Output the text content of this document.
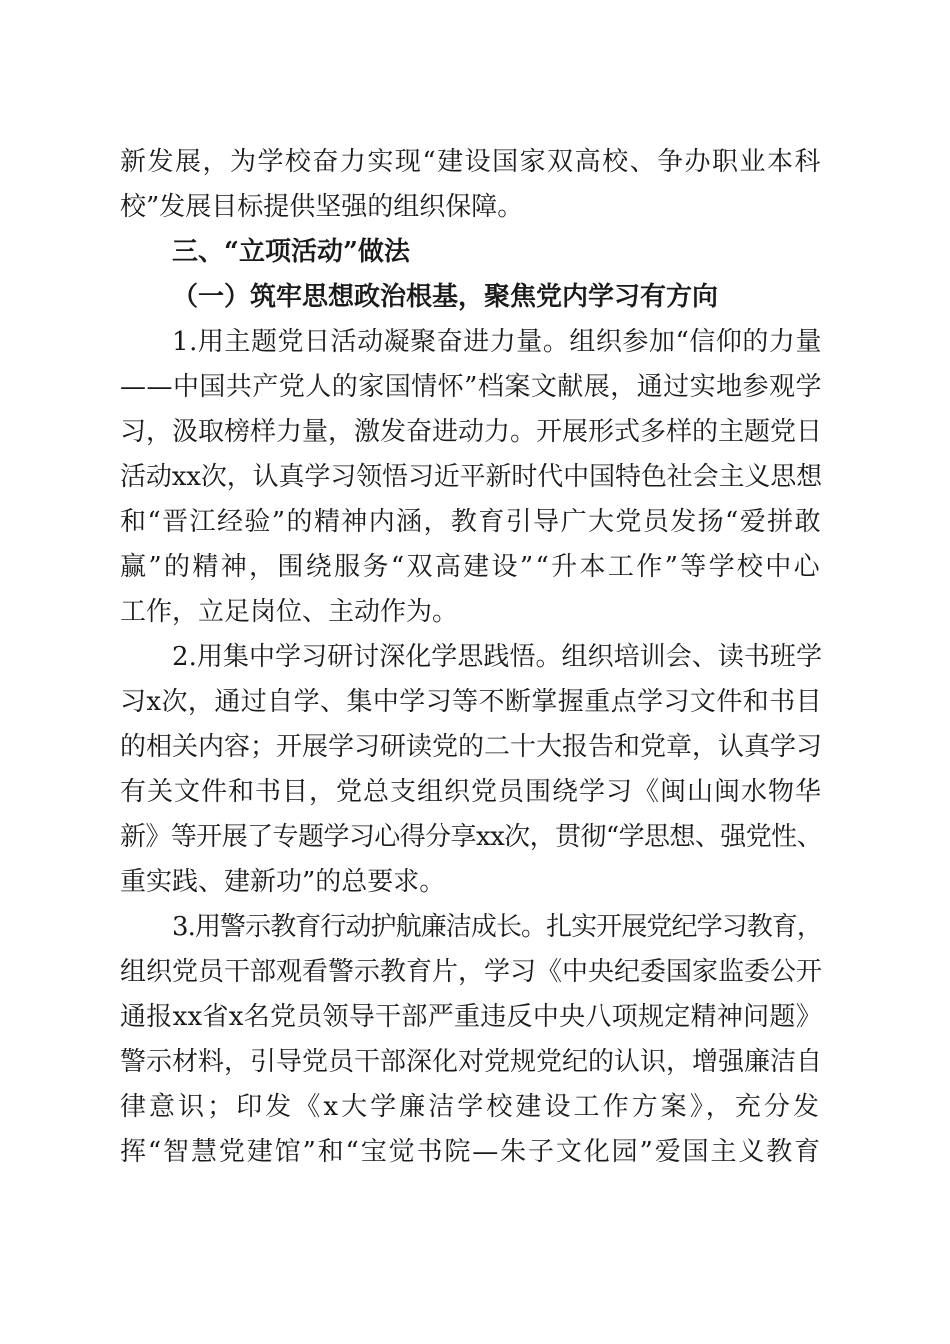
新发展，为学校奋力实现“建设国家双高校、争办职业本科

校”发展目标提供坚强的组织保障。

三、“立项活动”做法

（一）筑牢思想政治根基，聚焦党内学习有方向

1.用主题党日活动凝聚奋进力量。组织参加“信仰的力量

——中国共产党人的家国情怀”档案文献展，通过实地参观学

习，汲取榜样力量，激发奋进动力。开展形式多样的主题党日

活动xx次，认真学习领悟习近平新时代中国特色社会主义思想

和“晋江经验”的精神内涵，教育引导广大党员发扬“爱拼敢

赢”的精神，围绕服务“双高建设”“升本工作”等学校中心

工作，立足岗位、主动作为。

2.用集中学习研讨深化学思践悟。组织培训会、读书班学

习x次，通过自学、集中学习等不断掌握重点学习文件和书目

的相关内容；开展学习研读党的二十大报告和党章，认真学习

有关文件和书目，党总支组织党员围绕学习《闽山闽水物华

新》等开展了专题学习心得分享xx次，贯彻“学思想、强党性、

重实践、建新功”的总要求。

3.用警示教育行动护航廉洁成长。扎实开展党纪学习教育，

组织党员干部观看警示教育片，学习《中央纪委国家监委公开

通报xx省x名党员领导干部严重违反中央八项规定精神问题》

警示材料，引导党员干部深化对党规党纪的认识，增强廉洁自

律意识；印发《x大学廉洁学校建设工作方案》，充分发

挥“智慧党建馆”和“宝觉书院—朱子文化园”爱国主义教育
